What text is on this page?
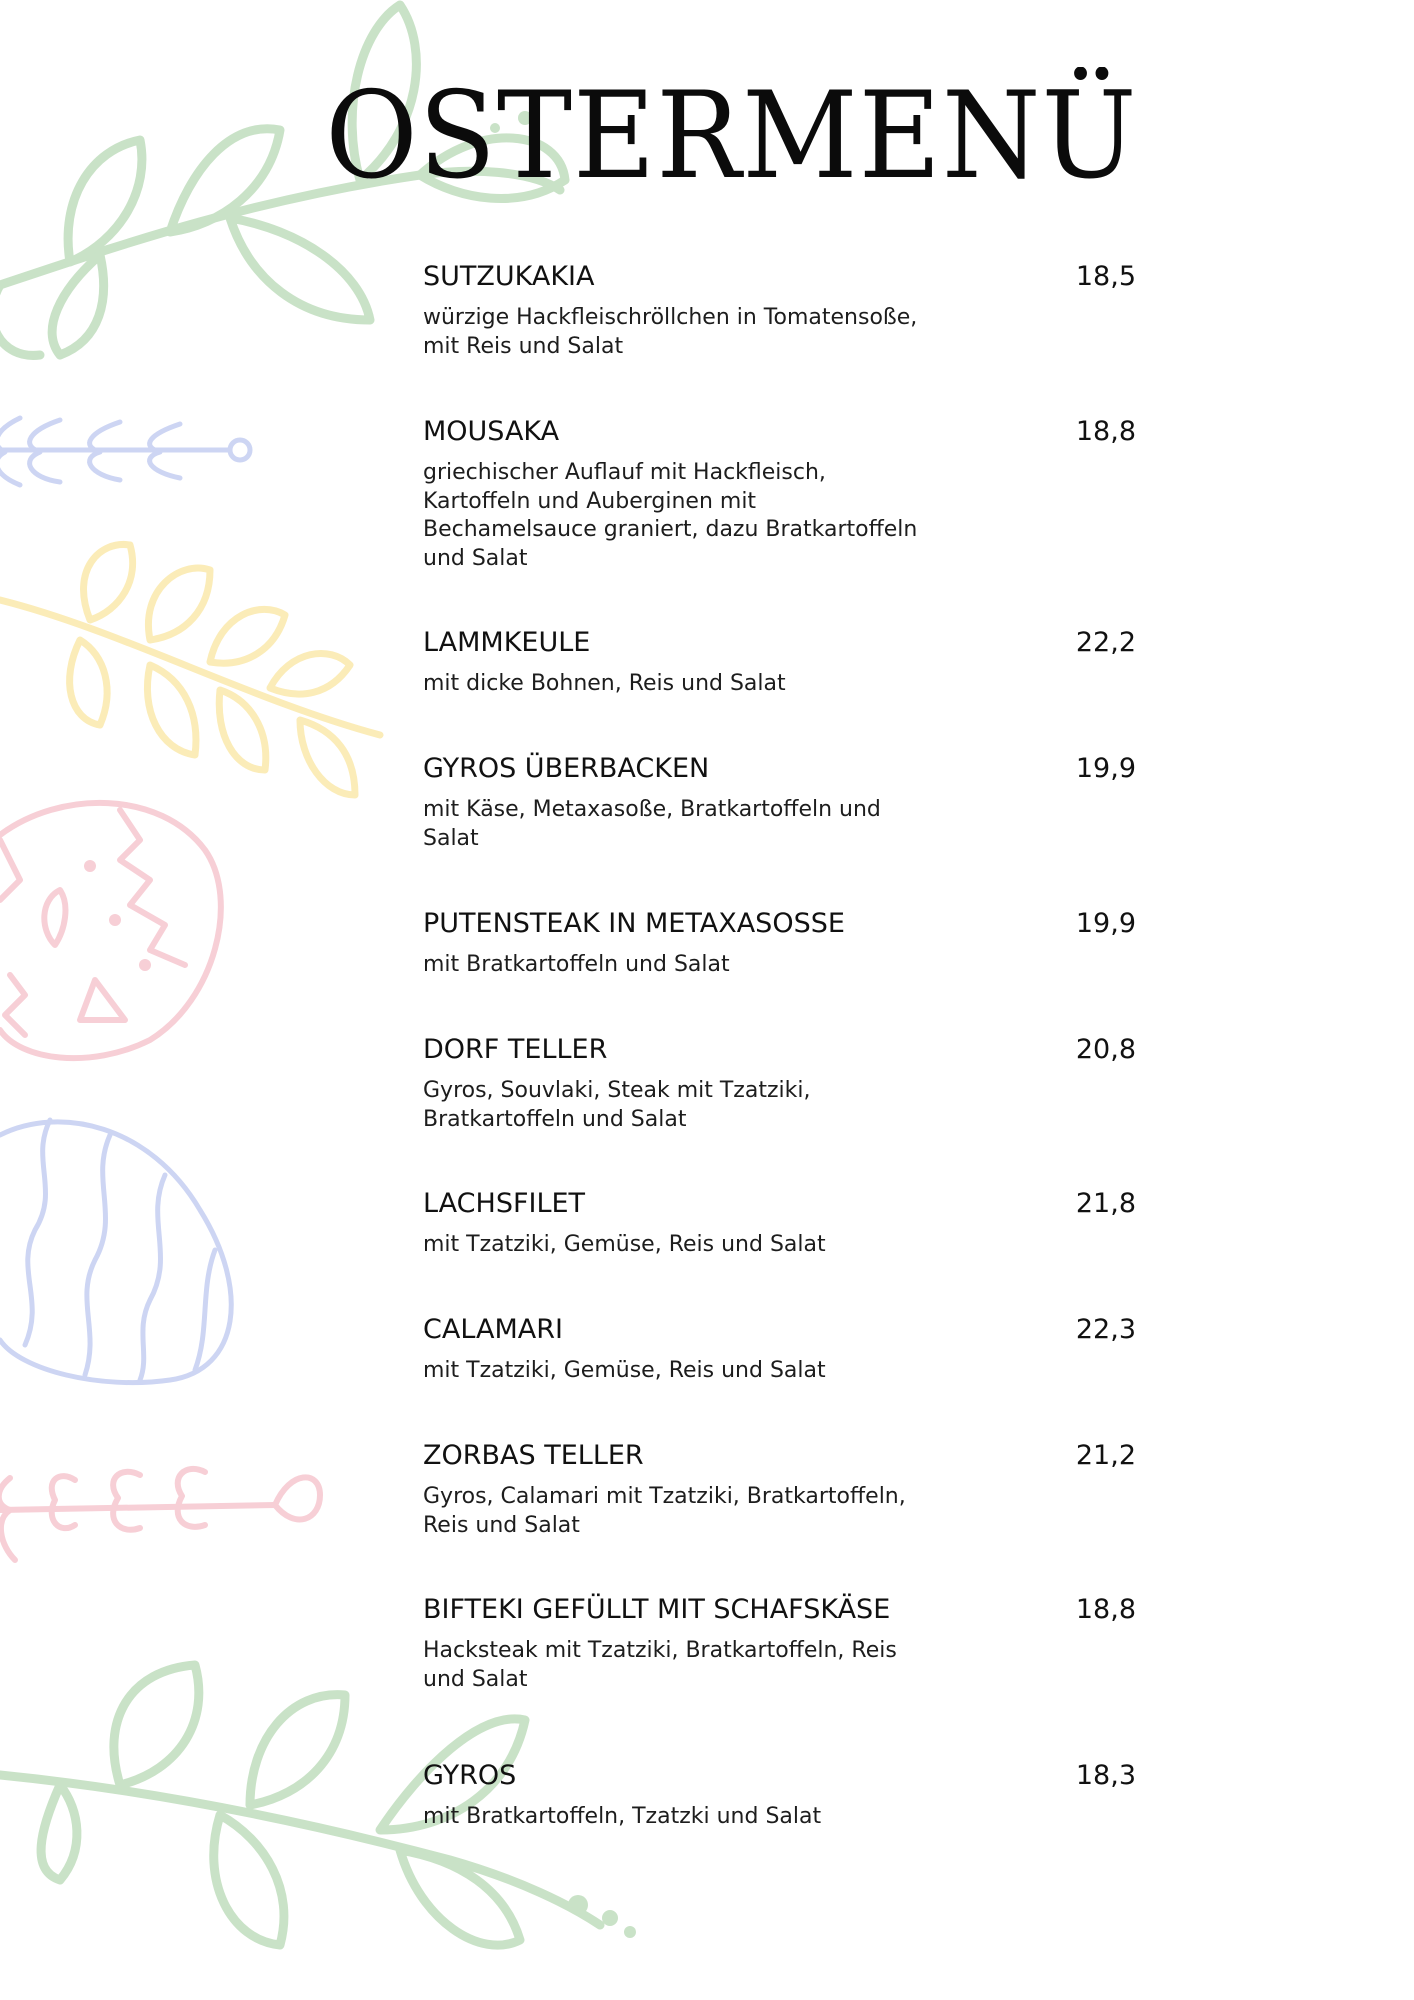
OSTERMENÜ
SUTZUKAKIA	18,5

würzige Hackfleischröllchen in Tomatensoße, mit Reis und Salat

MOUSAKA	18,8

griechischer Auflauf mit Hackfleisch, Kartoffeln und Auberginen mit Bechamelsauce graniert, dazu Bratkartoffeln und Salat

LAMMKEULE	22,2

mit dicke Bohnen, Reis und Salat

GYROS ÜBERBACKEN	19,9

mit Käse, Metaxasoße, Bratkartoffeln und Salat

PUTENSTEAK IN METAXASOSSE	19,9

mit Bratkartoffeln und Salat

DORF TELLER	20,8

Gyros, Souvlaki, Steak mit Tzatziki, Bratkartoffeln und Salat

LACHSFILET	21,8

mit Tzatziki, Gemüse, Reis und Salat

CALAMARI	22,3

mit Tzatziki, Gemüse, Reis und Salat

ZORBAS TELLER	21,2

Gyros, Calamari mit Tzatziki, Bratkartoffeln, Reis und Salat

BIFTEKI GEFÜLLT MIT SCHAFSKÄSE	18,8

Hacksteak mit Tzatziki, Bratkartoffeln, Reis und Salat

GYROS	18,3

mit Bratkartoffeln, Tzatzki und Salat
